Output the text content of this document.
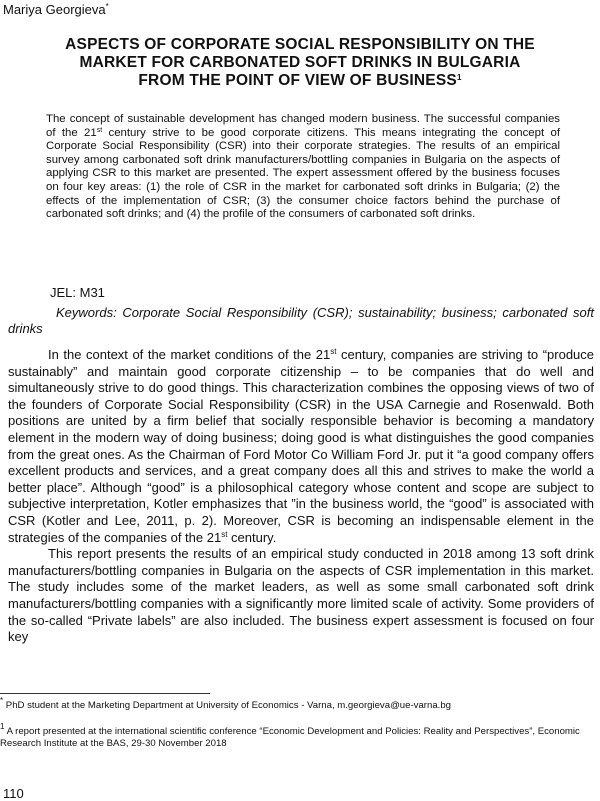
Mariya Georgieva*
ASPECTS OF CORPORATE SOCIAL RESPONSIBILITY ON THE
MARKET FOR CARBONATED SOFT DRINKS IN BULGARIA
FROM THE POINT OF VIEW OF BUSINESS$^1$
The concept of sustainable development has changed modern business. The successful companies of the 21st century strive to be good corporate citizens. This means integrating the concept of Corporate Social Responsibility (CSR) into their corporate strategies. The results of an empirical survey among carbonated soft drink manufacturers/bottling companies in Bulgaria on the aspects of applying CSR to this market are presented. The expert assessment offered by the business focuses on four key areas: (1) the role of CSR in the market for carbonated soft drinks in Bulgaria; (2) the effects of the implementation of CSR; (3) the consumer choice factors behind the purchase of carbonated soft drinks; and (4) the profile of the consumers of carbonated soft drinks.
JEL: M31
Keywords: Corporate Social Responsibility (CSR); sustainability; business; carbonated soft drinks

In the context of the market conditions of the 21st century, companies are striving to “produce sustainably” and maintain good corporate citizenship – to be companies that do well and simultaneously strive to do good things. This characterization combines the opposing views of two of the founders of Corporate Social Responsibility (CSR) in the USA Carnegie and Rosenwald. Both positions are united by a firm belief that socially responsible behavior is becoming a mandatory element in the modern way of doing business; doing good is what distinguishes the good companies from the great ones. As the Chairman of Ford Motor Co William Ford Jr. put it “a good company offers excellent products and services, and a great company does all this and strives to make the world a better place”. Although “good” is a philosophical category whose content and scope are subject to subjective interpretation, Kotler emphasizes that ”in the business world, the “good” is associated with CSR (Kotler and Lee, 2011, p. 2). Moreover, CSR is becoming an indispensable element in the strategies of the companies of the 21st century.

This report presents the results of an empirical study conducted in 2018 among 13 soft drink manufacturers/bottling companies in Bulgaria on the aspects of CSR implementation in this market. The study includes some of the market leaders, as well as some small carbonated soft drink manufacturers/bottling companies with a significantly more limited scale of activity. Some providers of the so-called “Private labels” are also included. The business expert assessment is focused on four key

* PhD student at the Marketing Department at University of Economics - Varna, m.georgieva@ue-varna.bg
$^1$ A report presented at the international scientific conference “Economic Development and Policies: Reality and Perspectives”, Economic Research Institute at the BAS, 29-30 November 2018
110
